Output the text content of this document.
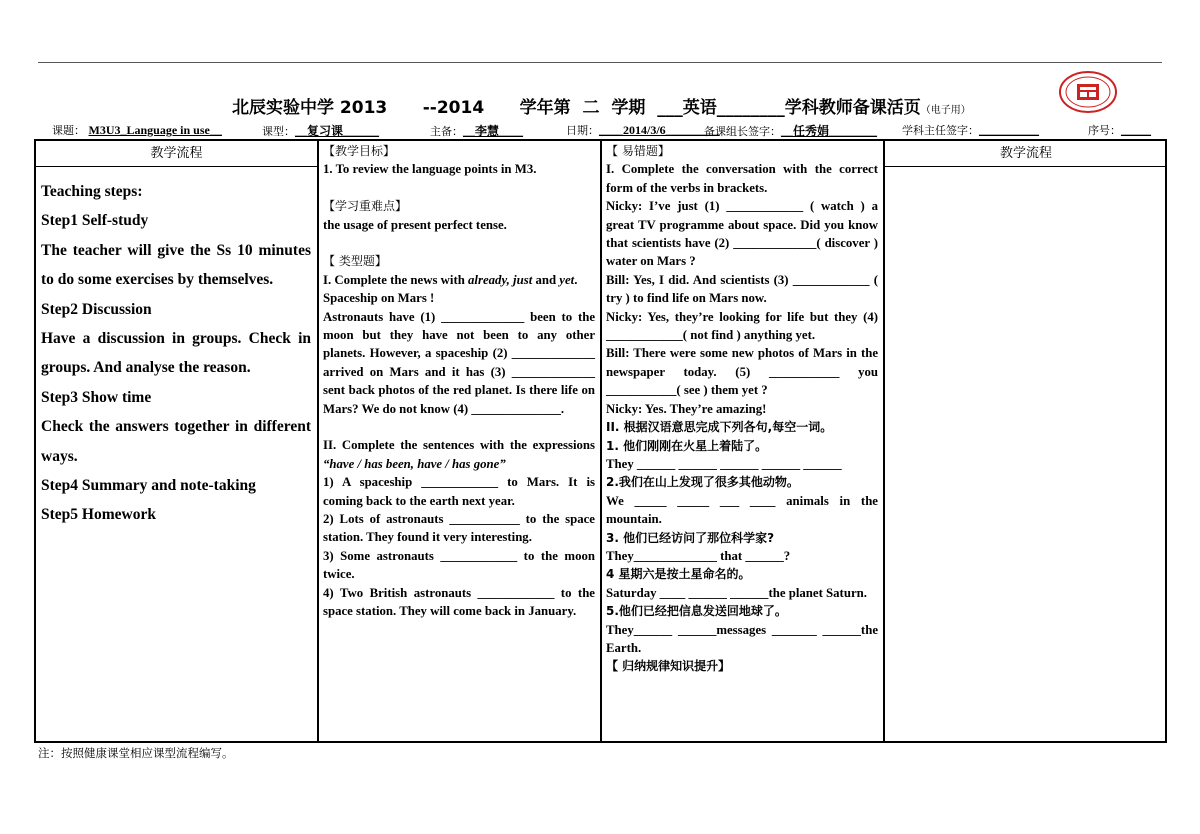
北辰实验中学 2013      --2014      学年第  二  学期  ___英语________学科教师备课活页（电子用）
课题： M3U3_Language in use__	课型：__复习课______	主备：__李慧____	日期：____2014/3/6_________
备课组长签字：__任秀娟________ 学科主任签字：__________	序号：_____
教学流程	教学流程

Teaching steps:

Step1 Self-study

The teacher will give the Ss 10 minutes to do some exercises by themselves.

Step2 Discussion

Have a discussion in groups. Check in groups. And analyse the reason.

Step3 Show time

Check the answers together in different ways.

Step4 Summary and note-taking

Step5 Homework

【教学目标】

1. To review the language points in M3.

【学习重难点】

the usage of present perfect tense.

【 类型题】

I. Complete the news with already, just and yet.

Spaceship on Mars !

Astronauts have (1) _____________ been to the moon but they have not been to any other planets. However, a spaceship (2) _____________ arrived on Mars and it has (3) _____________ sent back photos of the red planet. Is there life on Mars? We do not know (4) ______________.

II. Complete the sentences with the expressions “have / has been, have / has gone”

1) A spaceship ____________ to Mars. It is coming back to the earth next year.

2) Lots of astronauts ___________ to the space station. They found it very interesting.

3) Some astronauts ____________ to the moon twice.

4) Two British astronauts ____________ to the space station. They will come back in January.

【 易错题】

I. Complete the conversation with the correct form of the verbs in brackets.

Nicky: I’ve just (1) ____________ ( watch ) a great TV programme about space. Did you know that scientists have (2) _____________( discover ) water on Mars ?

Bill: Yes, I did. And scientists (3) ____________ ( try ) to find life on Mars now.

Nicky: Yes, they’re looking for life but they (4) ____________( not find ) anything yet.

Bill: There were some new photos of Mars in the newspaper today. (5) ___________ you ___________( see ) them yet ?

Nicky: Yes. They’re amazing!

II. 根据汉语意思完成下列各句,每空一词。

1. 他们刚刚在火星上着陆了。

They ______ ______ ______ ______ ______

2.我们在山上发现了很多其他动物。

We _____ _____ ___ ____ animals in the mountain.

3. 他们已经访问了那位科学家?

They_____________ that ______?

4 星期六是按土星命名的。

Saturday ____ ______ ______the planet Saturn.

5.他们已经把信息发送回地球了。

They______ ______messages _______ ______the Earth.

【 归纳规律知识提升】

注：按照健康课堂相应课型流程编写。
